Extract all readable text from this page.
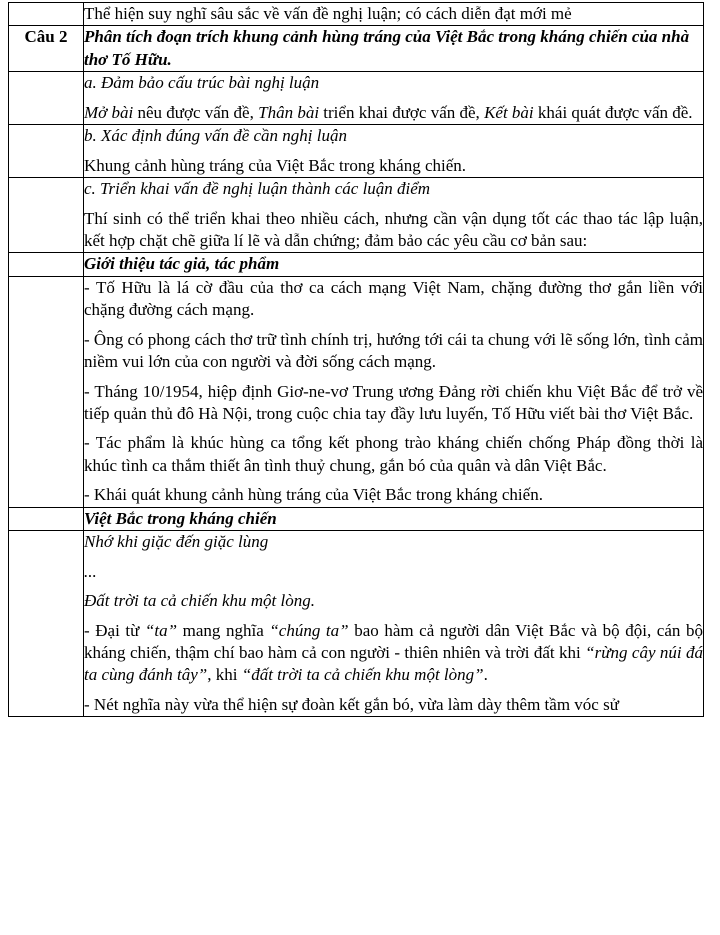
	Thể hiện suy nghĩ sâu sắc về vấn đề nghị luận; có cách diễn đạt mới mẻ

Câu 2	Phân tích đoạn trích khung cảnh hùng tráng của Việt Bắc trong kháng chiến của nhà thơ Tố Hữu.

	a. Đảm bảo cấu trúc bài nghị luận

Mở bài nêu được vấn đề, Thân bài triển khai được vấn đề, Kết bài khái quát được vấn đề.

	b. Xác định đúng vấn đề cần nghị luận

Khung cảnh hùng tráng của Việt Bắc trong kháng chiến.

	c. Triển khai vấn đề nghị luận thành các luận điểm

Thí sinh có thể triển khai theo nhiều cách, nhưng cần vận dụng tốt các thao tác lập luận, kết hợp chặt chẽ giữa lí lẽ và dẫn chứng; đảm bảo các yêu cầu cơ bản sau:

	Giới thiệu tác giả, tác phẩm

	- Tố Hữu là lá cờ đầu của thơ ca cách mạng Việt Nam, chặng đường thơ gắn liền với chặng đường cách mạng.

- Ông có phong cách thơ trữ tình chính trị, hướng tới cái ta chung với lẽ sống lớn, tình cảm niềm vui lớn của con người và đời sống cách mạng.

- Tháng 10/1954, hiệp định Giơ-ne-vơ Trung ương Đảng rời chiến khu Việt Bắc để trở về tiếp quản thủ đô Hà Nội, trong cuộc chia tay đầy lưu luyến, Tố Hữu viết bài thơ Việt Bắc.

- Tác phẩm là khúc hùng ca tổng kết phong trào kháng chiến chống Pháp đồng thời là khúc tình ca thắm thiết ân tình thuỷ chung, gắn bó của quân và dân Việt Bắc.

- Khái quát khung cảnh hùng tráng của Việt Bắc trong kháng chiến.

	Việt Bắc trong kháng chiến

	Nhớ khi giặc đến giặc lùng

...

Đất trời ta cả chiến khu một lòng.

- Đại từ “ta” mang nghĩa “chúng ta” bao hàm cả người dân Việt Bắc và bộ đội, cán bộ kháng chiến, thậm chí bao hàm cả con người - thiên nhiên và trời đất khi “rừng cây núi đá ta cùng đánh tây”, khi “đất trời ta cả chiến khu một lòng”.

- Nét nghĩa này vừa thể hiện sự đoàn kết gắn bó, vừa làm dày thêm tầm vóc sử
